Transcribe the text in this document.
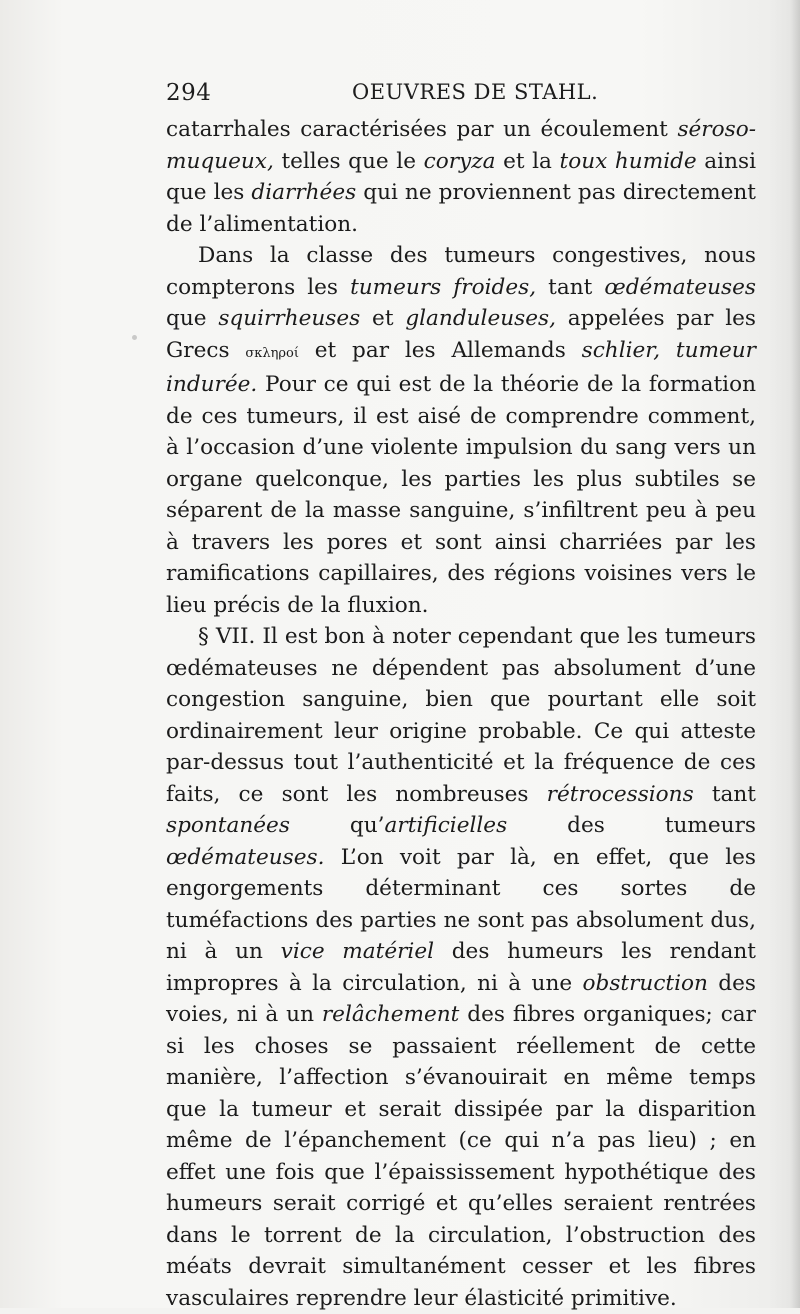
294	OEUVRES DE STAHL.

catarrhales caractérisées par un écoulement séroso-muqueux, telles que le coryza et la toux humide ainsi que les diarrhées qui ne proviennent pas directement de l’alimentation.

Dans la classe des tumeurs congestives, nous compterons les tumeurs froides, tant œdémateuses que squirrheuses et glanduleuses, appelées par les Grecs σκληροί et par les Allemands schlier, tumeur indurée. Pour ce qui est de la théorie de la formation de ces tumeurs, il est aisé de comprendre comment, à l’occasion d’une violente impulsion du sang vers un organe quelconque, les parties les plus subtiles se séparent de la masse sanguine, s’infiltrent peu à peu à travers les pores et sont ainsi charriées par les ramifications capillaires, des régions voisines vers le lieu précis de la fluxion.

§ VII. Il est bon à noter cependant que les tumeurs œdémateuses ne dépendent pas absolument d’une congestion sanguine, bien que pourtant elle soit ordinairement leur origine probable. Ce qui atteste par-dessus tout l’authenticité et la fréquence de ces faits, ce sont les nombreuses rétrocessions tant spontanées qu’artificielles des tumeurs œdémateuses. L’on voit par là, en effet, que les engorgements déterminant ces sortes de tuméfactions des parties ne sont pas absolument dus, ni à un vice matériel des humeurs les rendant impropres à la circulation, ni à une obstruction des voies, ni à un relâchement des fibres organiques; car si les choses se passaient réellement de cette manière, l’affection s’évanouirait en même temps que la tumeur et serait dissipée par la disparition même de l’épanchement (ce qui n’a pas lieu) ; en effet une fois que l’épaississement hypothétique des humeurs serait corrigé et qu’elles seraient rentrées dans le torrent de la circulation, l’obstruction des méats devrait simultanément cesser et les fibres vasculaires reprendre leur élasticité primitive.
